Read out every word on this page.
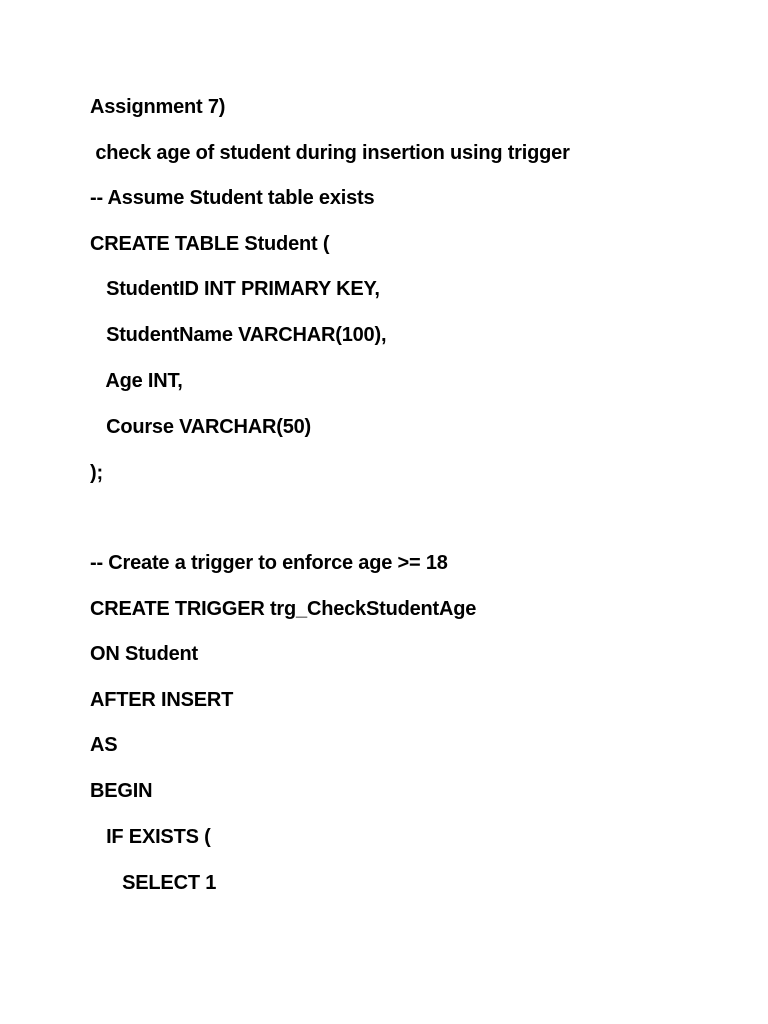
Assignment 7)
check age of student during insertion using trigger
-- Assume Student table exists
CREATE TABLE Student (
StudentID INT PRIMARY KEY,
StudentName VARCHAR(100),
Age INT,
Course VARCHAR(50)
);
-- Create a trigger to enforce age >= 18
CREATE TRIGGER trg_CheckStudentAge
ON Student
AFTER INSERT
AS
BEGIN
IF EXISTS (
SELECT 1
